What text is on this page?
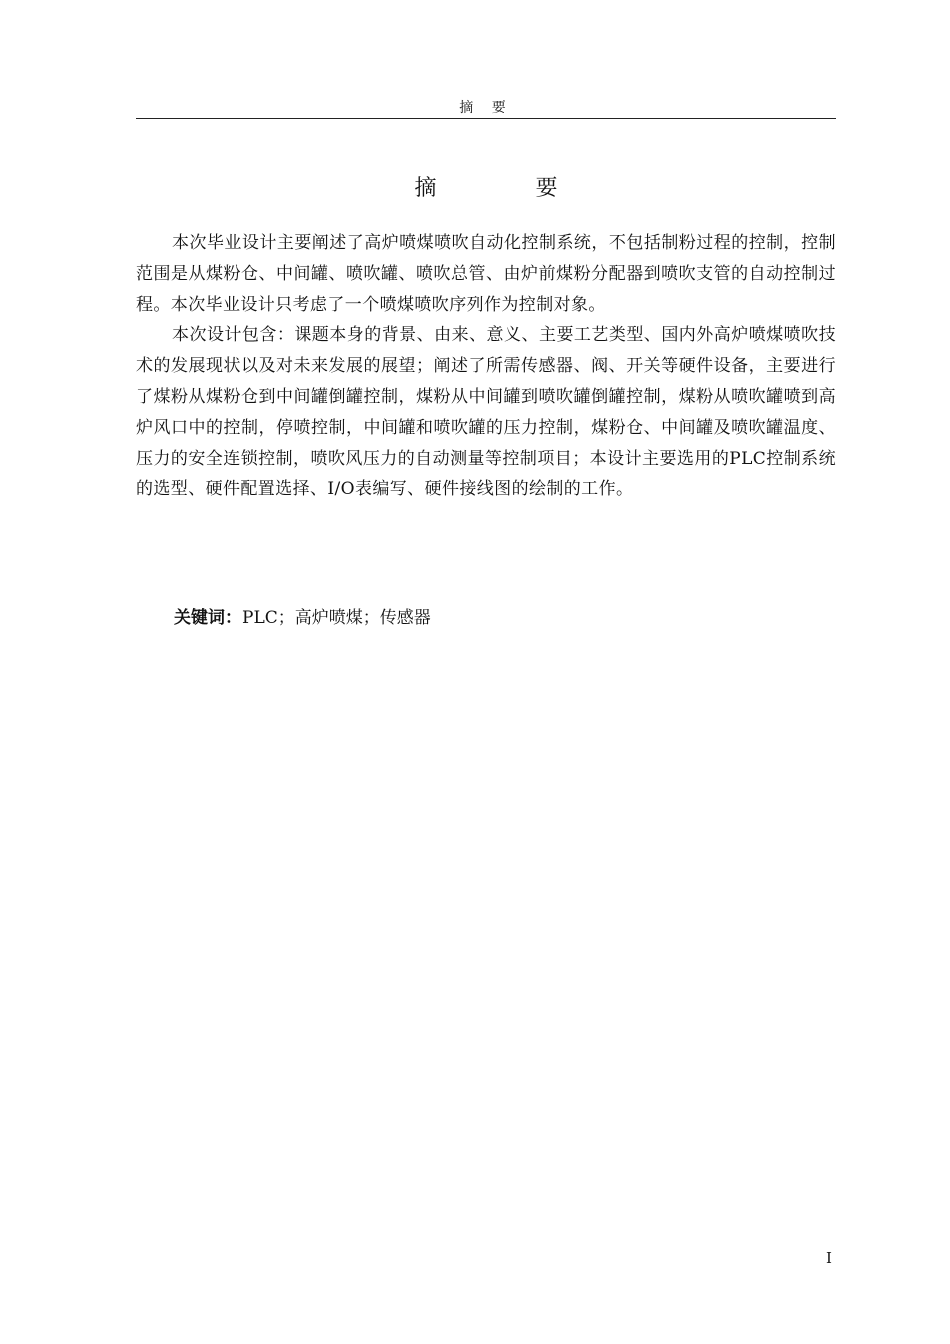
摘 要
摘 要

本次毕业设计主要阐述了高炉喷煤喷吹自动化控制系统，不包括制粉过程的控制，控制范围是从煤粉仓、中间罐、喷吹罐、喷吹总管、由炉前煤粉分配器到喷吹支管的自动控制过程。本次毕业设计只考虑了一个喷煤喷吹序列作为控制对象。

本次设计包含：课题本身的背景、由来、意义、主要工艺类型、国内外高炉喷煤喷吹技术的发展现状以及对未来发展的展望；阐述了所需传感器、阀、开关等硬件设备，主要进行了煤粉从煤粉仓到中间罐倒罐控制，煤粉从中间罐到喷吹罐倒罐控制，煤粉从喷吹罐喷到高炉风口中的控制，停喷控制，中间罐和喷吹罐的压力控制，煤粉仓、中间罐及喷吹罐温度、压力的安全连锁控制，喷吹风压力的自动测量等控制项目；本设计主要选用的PLC控制系统的选型、硬件配置选择、I/O表编写、硬件接线图的绘制的工作。

关键词：PLC；高炉喷煤；传感器
I
